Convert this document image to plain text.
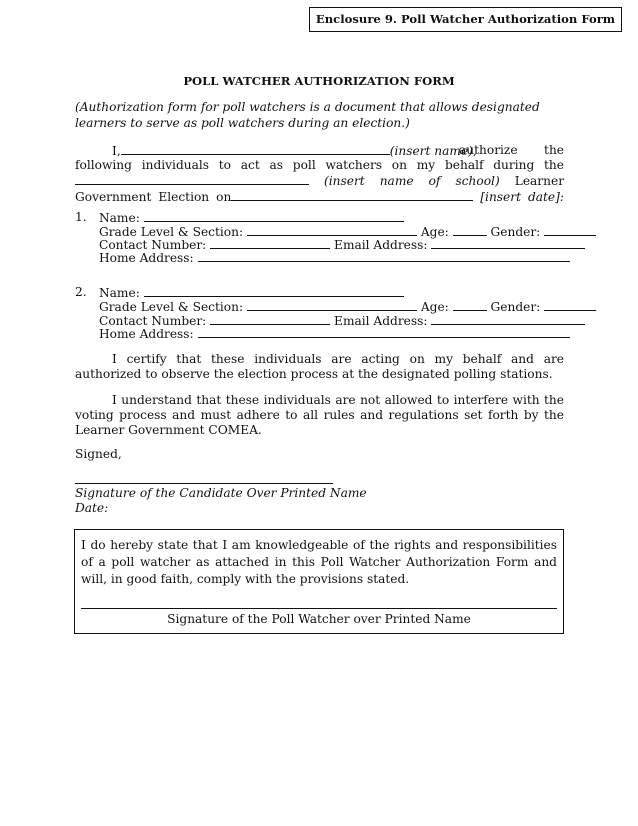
Enclosure 9. Poll Watcher Authorization Form
POLL WATCHER AUTHORIZATION FORM
(Authorization form for poll watchers is a document that allows designated learners to serve as poll watchers during an election.)
I,	(insert name),
authorize the following individuals to act as poll watchers on my behalf during the (insert name of school) Learner Government Election on	[insert date]:
1. Name:
Grade Level & Section:	Age:	Gender:
Contact Number:	Email Address:
Home Address:
2. Name:
Grade Level & Section:	Age:	Gender:
Contact Number:	Email Address:
Home Address:
I certify that these individuals are acting on my behalf and are authorized to observe the election process at the designated polling stations.
I understand that these individuals are not allowed to interfere with the voting process and must adhere to all rules and regulations set forth by the Learner Government COMEA.
Signed,
Signature of the Candidate Over Printed Name
Date:
I do hereby state that I am knowledgeable of the rights and responsibilities of a poll watcher as attached in this Poll Watcher Authorization Form and will, in good faith, comply with the provisions stated.
Signature of the Poll Watcher over Printed Name
